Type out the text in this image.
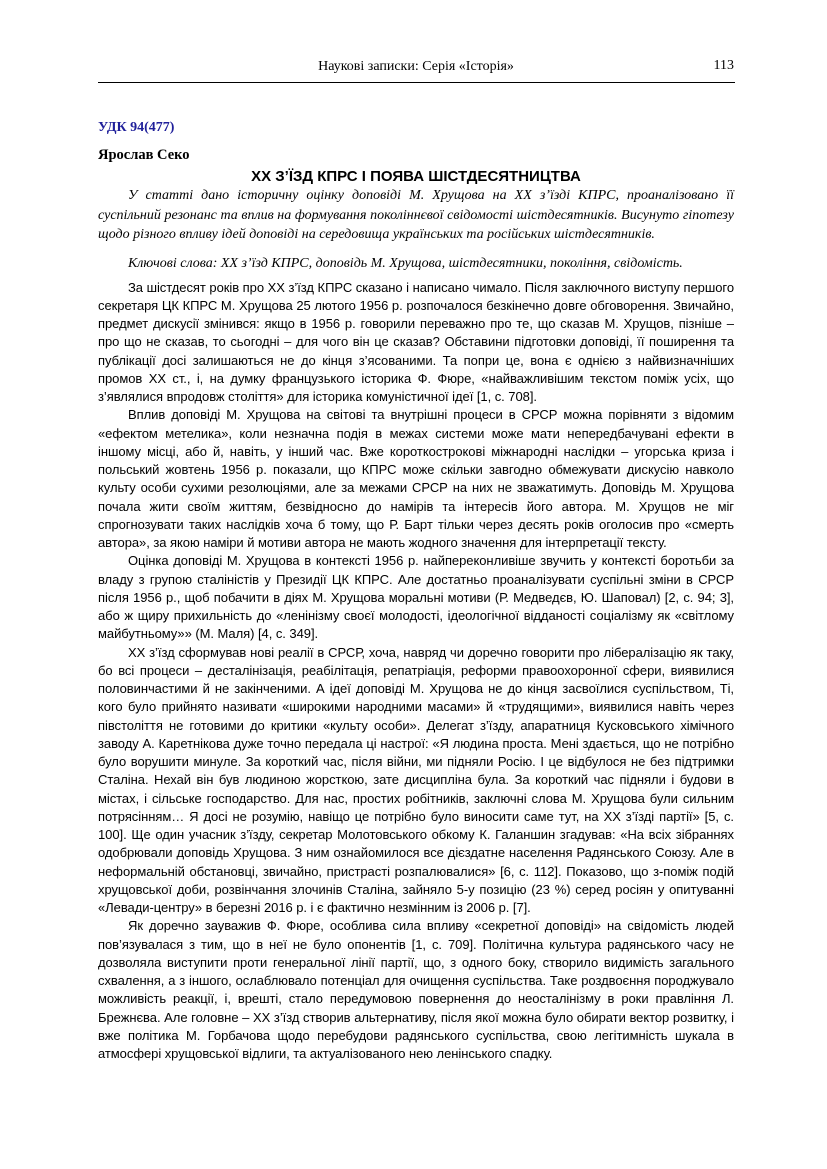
Наукові записки: Серія «Історія»	113
УДК 94(477)
Ярослав Секо
ХХ З’ЇЗД КПРС І ПОЯВА ШІСТДЕСЯТНИЦТВА

У статті дано історичну оцінку доповіді М. Хрущова на ХХ з’їзді КПРС, проаналізовано її суспільний резонанс та вплив на формування поколіннєвої свідомості шістдесятників. Висунуто гіпотезу щодо різного впливу ідей доповіді на середовища українських та російських шістдесятників.

Ключові слова: ХХ з’їзд КПРС, доповідь М. Хрущова, шістдесятники, покоління, свідомість.

За шістдесят років про ХХ з’їзд КПРС сказано і написано чимало. Після заключного виступу першого секретаря ЦК КПРС М. Хрущова 25 лютого 1956 р. розпочалося безкінечно довге обговорення. Звичайно, предмет дискусії змінився: якщо в 1956 р. говорили переважно про те, що сказав М. Хрущов, пізніше – про що не сказав, то сьогодні – для чого він це сказав? Обставини підготовки доповіді, її поширення та публікації досі залишаються не до кінця з’ясованими. Та попри це, вона є однією з найвизначніших промов ХХ ст., і, на думку французького історика Ф. Фюре, «найважливішим текстом поміж усіх, що з’являлися впродовж століття» для історика комуністичної ідеї [1, с. 708].

Вплив доповіді М. Хрущова на світові та внутрішні процеси в СРСР можна порівняти з відомим «ефектом метелика», коли незначна подія в межах системи може мати непередбачувані ефекти в іншому місці, або й, навіть, у інший час. Вже короткострокові міжнародні наслідки – угорська криза і польський жовтень 1956 р. показали, що КПРС може скільки завгодно обмежувати дискусію навколо культу особи сухими резолюціями, але за межами СРСР на них не зважатимуть. Доповідь М. Хрущова почала жити своїм життям, безвідносно до намірів та інтересів його автора. М. Хрущов не міг спрогнозувати таких наслідків хоча б тому, що Р. Барт тільки через десять років оголосив про «смерть автора», за якою наміри й мотиви автора не мають жодного значення для інтерпретації тексту.

Оцінка доповіді М. Хрущова в контексті 1956 р. найпереконливіше звучить у контексті боротьби за владу з групою сталіністів у Президії ЦК КПРС. Але достатньо проаналізувати суспільні зміни в СРСР після 1956 р., щоб побачити в діях М. Хрущова моральні мотиви (Р. Медведєв, Ю. Шаповал) [2, с. 94; 3], або ж щиру прихильність до «ленінізму своєї молодості, ідеологічної відданості соціалізму як «світлому майбутньому»» (М. Маля) [4, с. 349].

ХХ з’їзд сформував нові реалії в СРСР, хоча, навряд чи доречно говорити про лібералізацію як таку, бо всі процеси – десталінізація, реабілітація, репатріація, реформи правоохоронної сфери, виявилися половинчастими й не закінченими. А ідеї доповіді М. Хрущова не до кінця засвоїлися суспільством, Ті, кого було прийнято називати «широкими народними масами» й «трудящими», виявилися навіть через півстоліття не готовими до критики «культу особи». Делегат з’їзду, апаратниця Кусковського хімічного заводу А. Каретнікова дуже точно передала ці настрої: «Я людина проста. Мені здається, що не потрібно було ворушити минуле. За короткий час, після війни, ми підняли Росію. І це відбулося не без підтримки Сталіна. Нехай він був людиною жорсткою, зате дисципліна була. За короткий час підняли і будови в містах, і сільське господарство. Для нас, простих робітників, заключні слова М. Хрущова були сильним потрясінням… Я досі не розумію, навіщо це потрібно було виносити саме тут, на ХХ з’їзді партії» [5, с. 100]. Ще один учасник з’їзду, секретар Молотовського обкому К. Галаншин згадував: «На всіх зібраннях одобрювали доповідь Хрущова. З ним ознайомилося все дієздатне населення Радянського Союзу. Але в неформальній обстановці, звичайно, пристрасті розпалювалися» [6, с. 112]. Показово, що з-поміж подій хрущовської доби, розвінчання злочинів Сталіна, зайняло 5-у позицію (23 %) серед росіян у опитуванні «Левади-центру» в березні 2016 р. і є фактично незмінним із 2006 р. [7].

Як доречно зауважив Ф. Фюре, особлива сила впливу «секретної доповіді» на свідомість людей пов’язувалася з тим, що в неї не було опонентів [1, с. 709]. Політична культура радянського часу не дозволяла виступити проти генеральної лінії партії, що, з одного боку, створило видимість загального схвалення, а з іншого, ослаблювало потенціал для очищення суспільства. Таке роздвоєння породжувало можливість реакції, і, врешті, стало передумовою повернення до неосталінізму в роки правління Л. Брежнєва. Але головне – ХХ з’їзд створив альтернативу, після якої можна було обирати вектор розвитку, і вже політика М. Горбачова щодо перебудови радянського суспільства, свою легітимність шукала в атмосфері хрущовської відлиги, та актуалізованого нею ленінського спадку.
